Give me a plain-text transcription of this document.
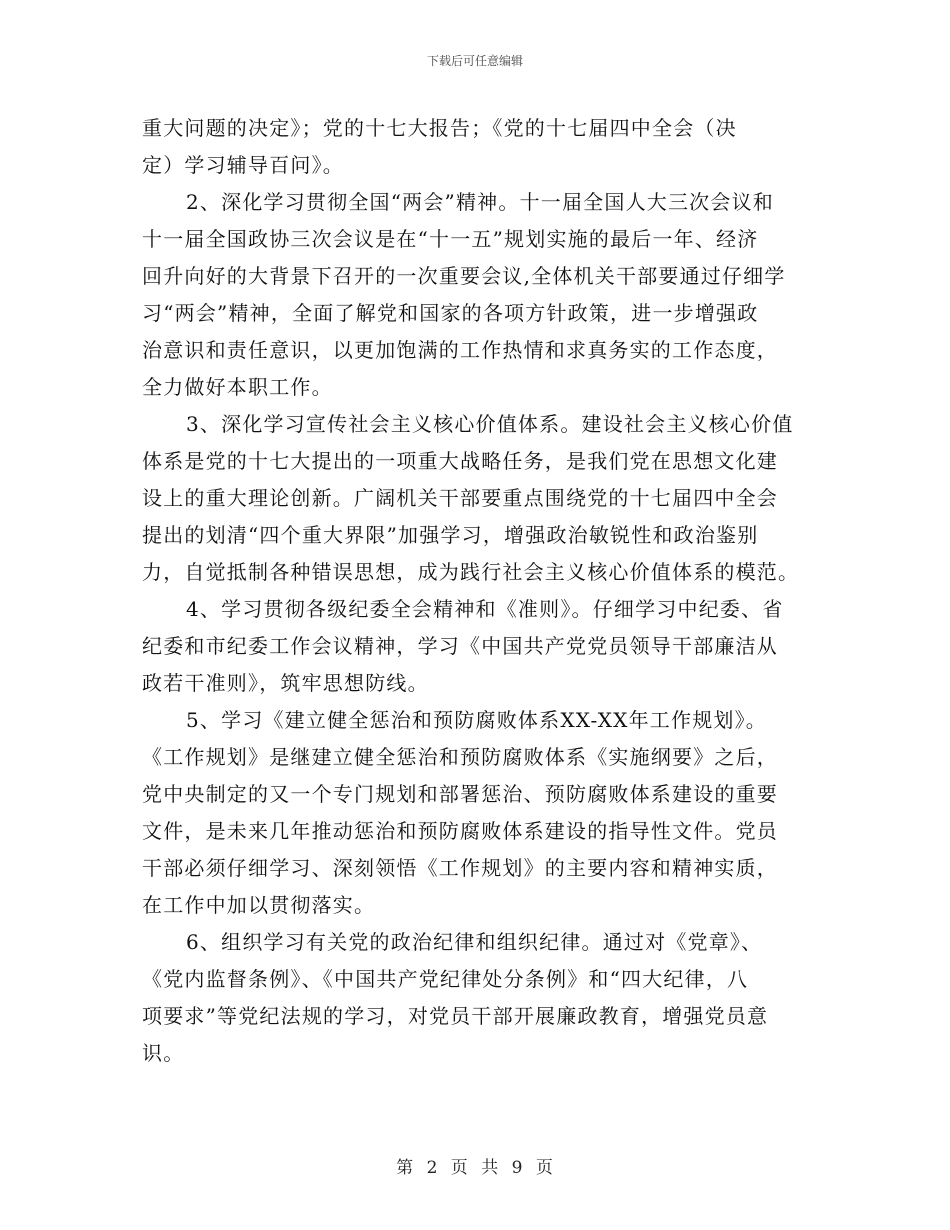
下载后可任意编辑
重大问题的决定》；党的十七大报告；《党的十七届四中全会（决
定）学习辅导百问》。
2、深化学习贯彻全国“两会”精神。十一届全国人大三次会议和
十一届全国政协三次会议是在“十一五”规划实施的最后一年、经济
回升向好的大背景下召开的一次重要会议,全体机关干部要通过仔细学
习“两会”精神，全面了解党和国家的各项方针政策，进一步增强政
治意识和责任意识，以更加饱满的工作热情和求真务实的工作态度，
全力做好本职工作。
3、深化学习宣传社会主义核心价值体系。建设社会主义核心价值
体系是党的十七大提出的一项重大战略任务，是我们党在思想文化建
设上的重大理论创新。广阔机关干部要重点围绕党的十七届四中全会
提出的划清“四个重大界限”加强学习，增强政治敏锐性和政治鉴别
力，自觉抵制各种错误思想，成为践行社会主义核心价值体系的模范。
4、学习贯彻各级纪委全会精神和《准则》。仔细学习中纪委、省
纪委和市纪委工作会议精神，学习《中国共产党党员领导干部廉洁从
政若干准则》，筑牢思想防线。
5、学习《建立健全惩治和预防腐败体系XX-XX年工作规划》。
《工作规划》是继建立健全惩治和预防腐败体系《实施纲要》之后，
党中央制定的又一个专门规划和部署惩治、预防腐败体系建设的重要
文件，是未来几年推动惩治和预防腐败体系建设的指导性文件。党员
干部必须仔细学习、深刻领悟《工作规划》的主要内容和精神实质，
在工作中加以贯彻落实。
6、组织学习有关党的政治纪律和组织纪律。通过对《党章》、
《党内监督条例》、《中国共产党纪律处分条例》和“四大纪律，八
项要求”等党纪法规的学习，对党员干部开展廉政教育，增强党员意
识。
第 2 页 共 9 页
